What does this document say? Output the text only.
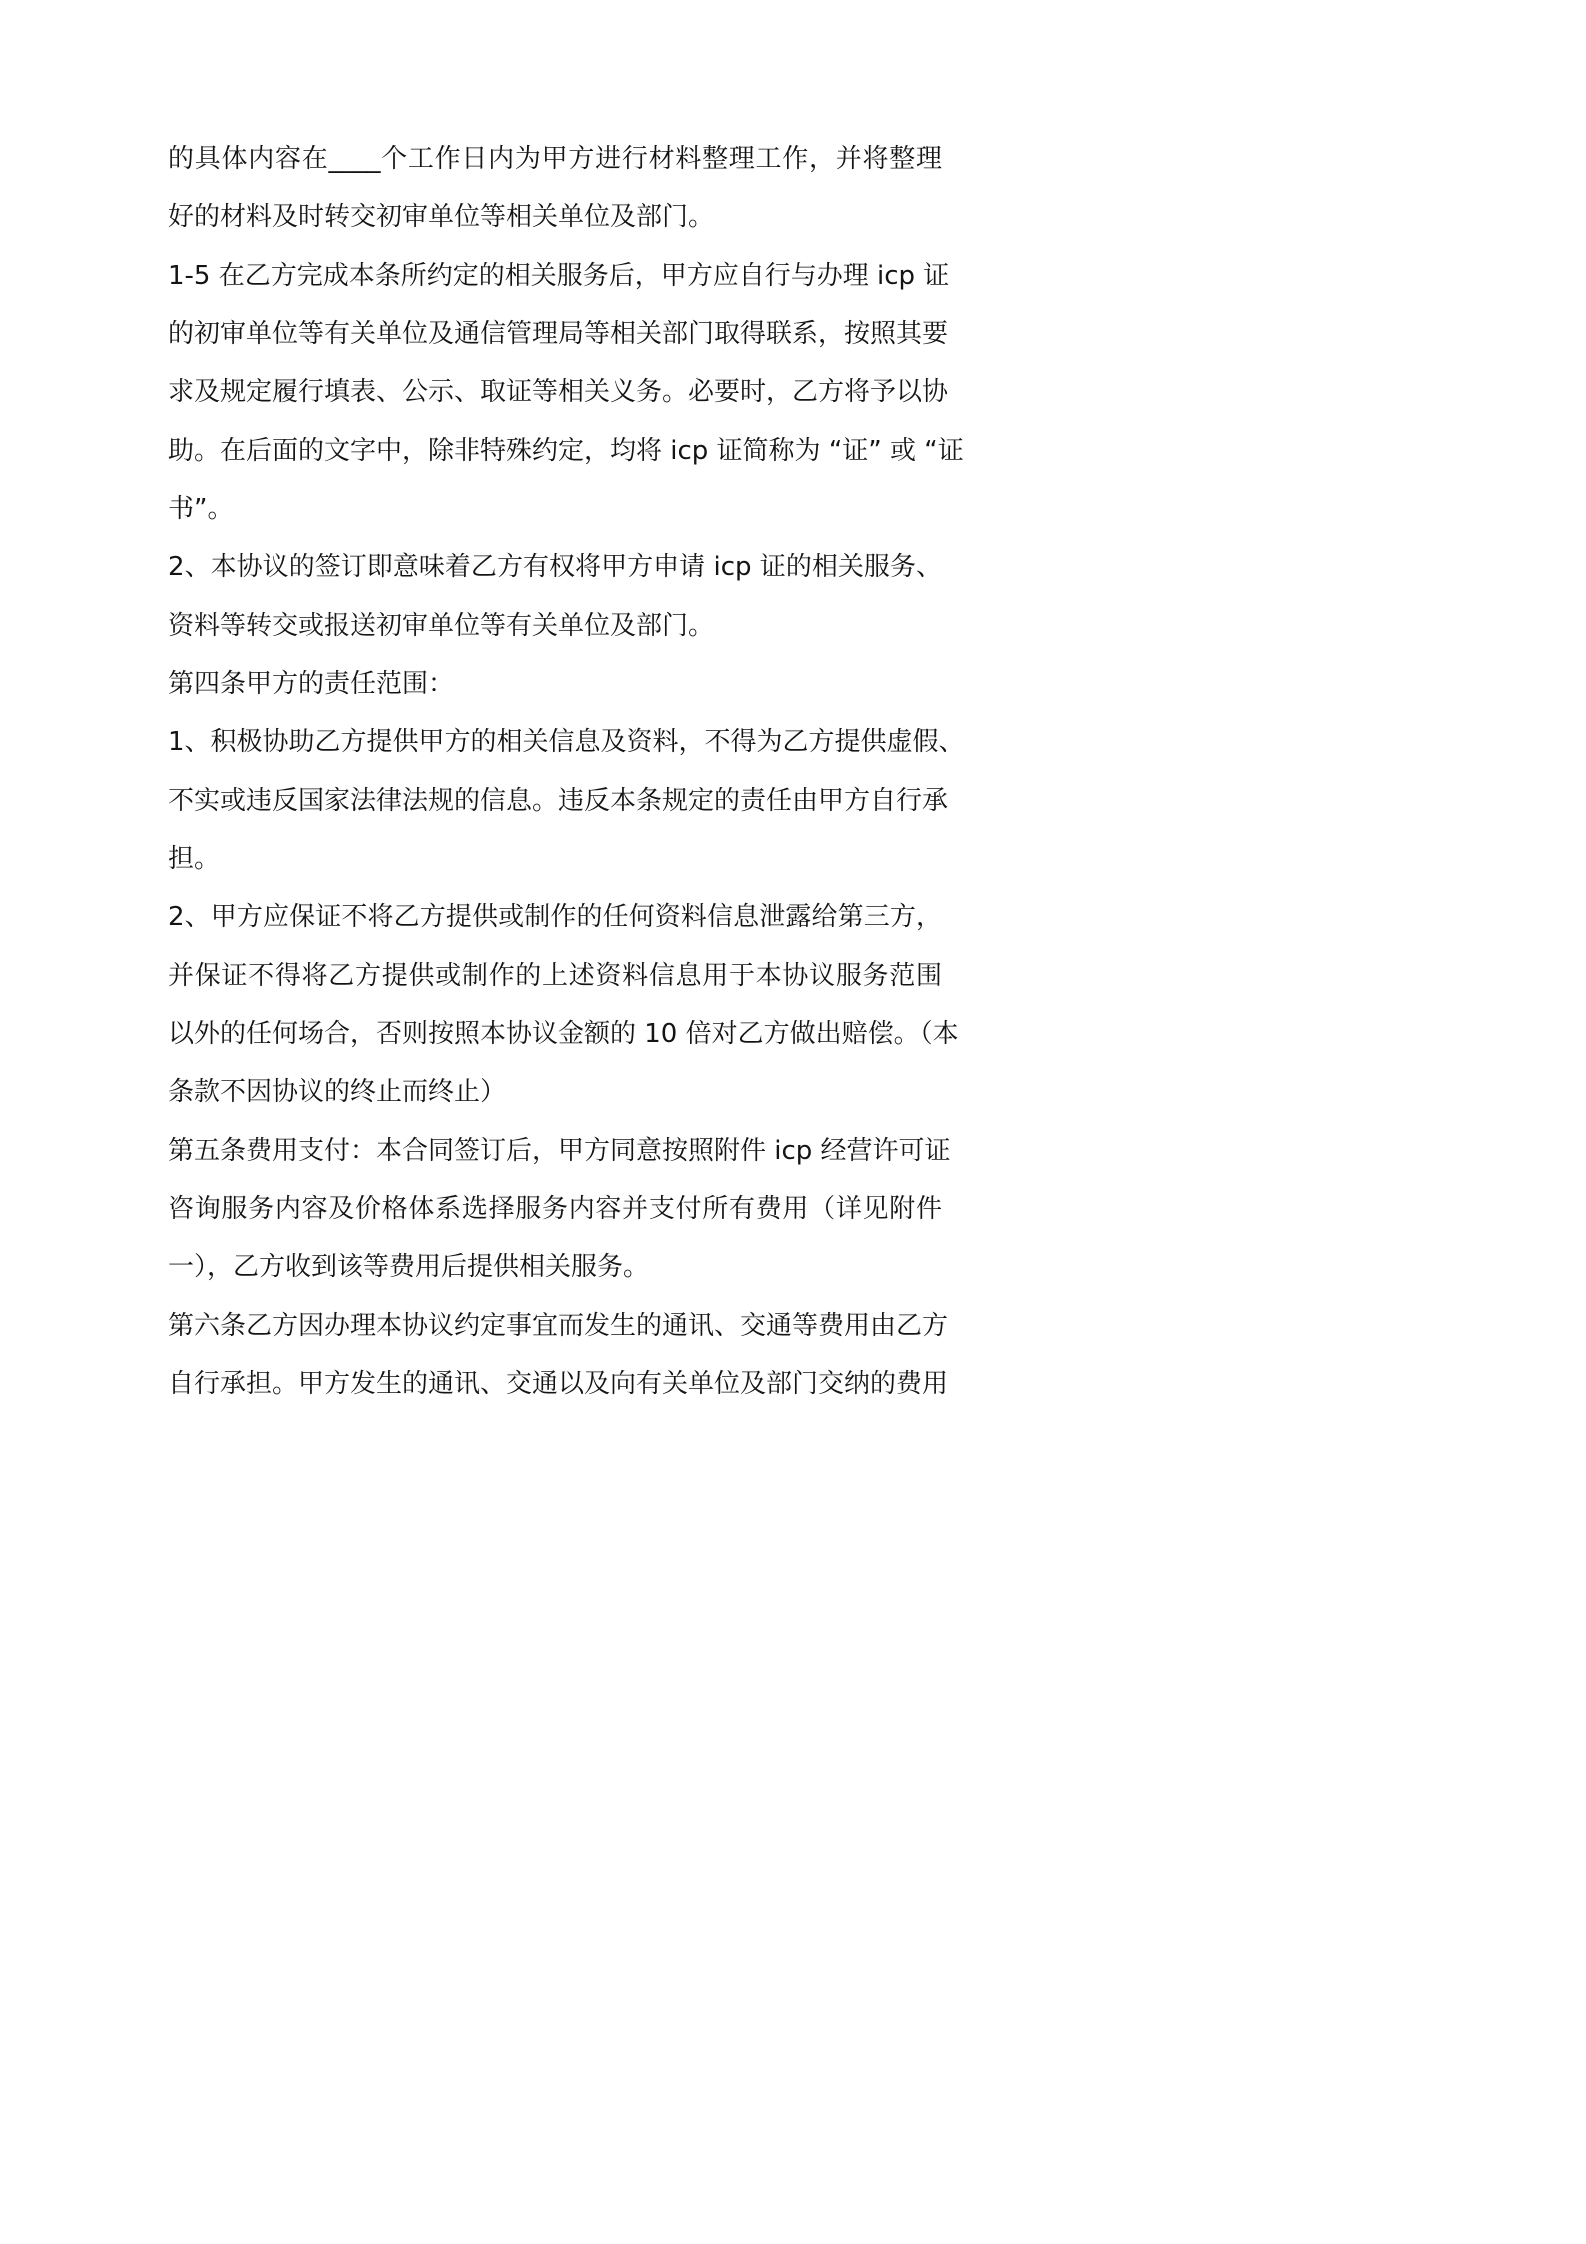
的具体内容在____个工作日内为甲方进行材料整理工作，并将整理
好的材料及时转交初审单位等相关单位及部门。
1-5 在乙方完成本条所约定的相关服务后，甲方应自行与办理 icp 证
的初审单位等有关单位及通信管理局等相关部门取得联系，按照其要
求及规定履行填表、公示、取证等相关义务。必要时，乙方将予以协
助。在后面的文字中，除非特殊约定，均将 icp 证简称为 “证” 或 “证
书”。
2、本协议的签订即意味着乙方有权将甲方申请 icp 证的相关服务、
资料等转交或报送初审单位等有关单位及部门。
第四条甲方的责任范围：
1、积极协助乙方提供甲方的相关信息及资料，不得为乙方提供虚假、
不实或违反国家法律法规的信息。违反本条规定的责任由甲方自行承
担。
2、甲方应保证不将乙方提供或制作的任何资料信息泄露给第三方，
并保证不得将乙方提供或制作的上述资料信息用于本协议服务范围
以外的任何场合，否则按照本协议金额的 10 倍对乙方做出赔偿。（本
条款不因协议的终止而终止）
第五条费用支付：本合同签订后，甲方同意按照附件 icp 经营许可证
咨询服务内容及价格体系选择服务内容并支付所有费用（详见附件
一），乙方收到该等费用后提供相关服务。
第六条乙方因办理本协议约定事宜而发生的通讯、交通等费用由乙方
自行承担。甲方发生的通讯、交通以及向有关单位及部门交纳的费用
